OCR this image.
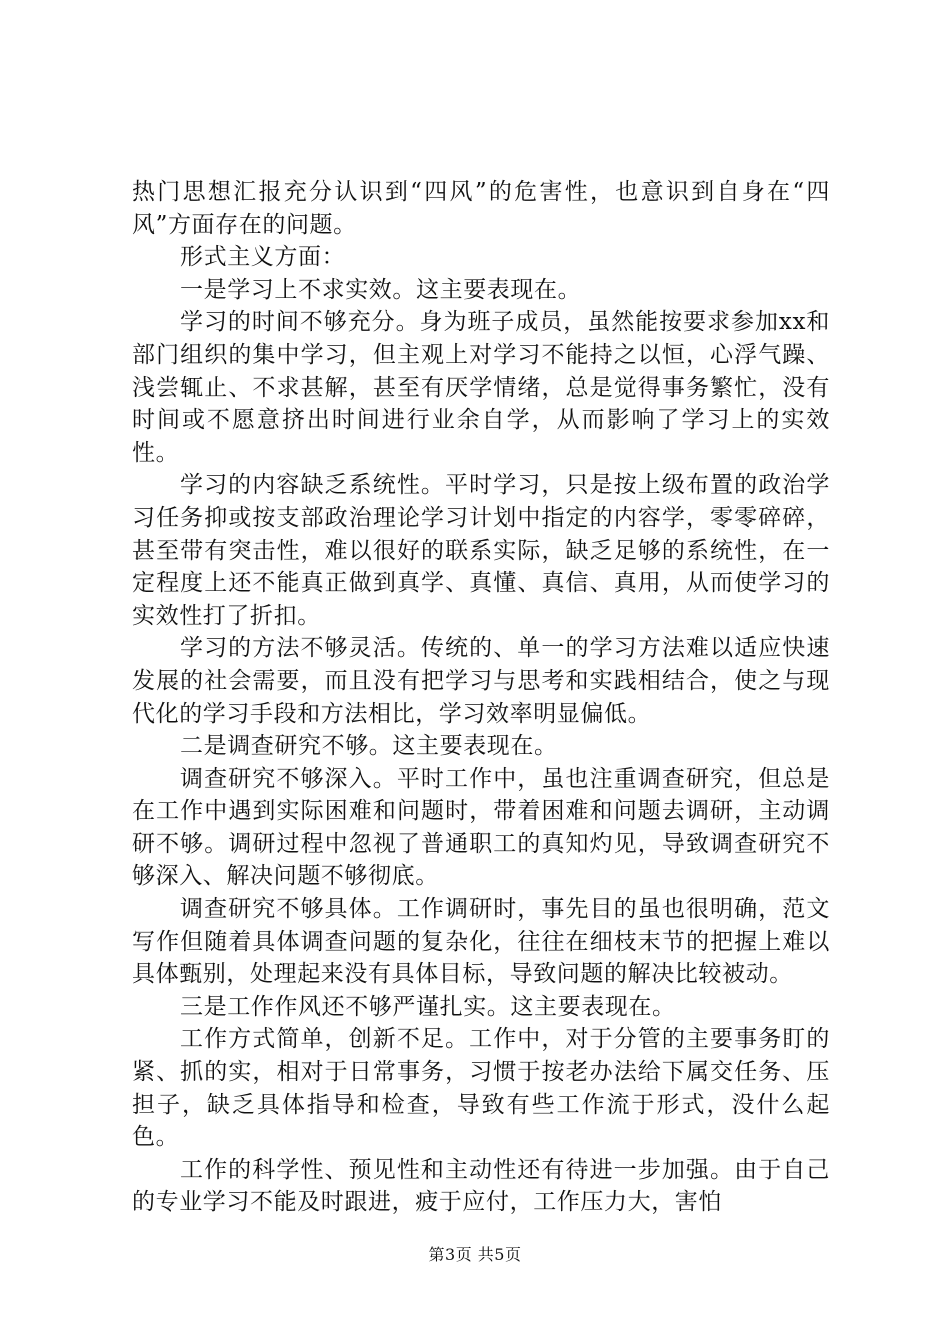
热门思想汇报充分认识到“四风”的危害性，也意识到自身在“四风”方面存在的问题。

形式主义方面：

一是学习上不求实效。这主要表现在。

学习的时间不够充分。身为班子成员，虽然能按要求参加xx和部门组织的集中学习，但主观上对学习不能持之以恒，心浮气躁、浅尝辄止、不求甚解，甚至有厌学情绪，总是觉得事务繁忙，没有时间或不愿意挤出时间进行业余自学，从而影响了学习上的实效性。

学习的内容缺乏系统性。平时学习，只是按上级布置的政治学习任务抑或按支部政治理论学习计划中指定的内容学，零零碎碎，甚至带有突击性，难以很好的联系实际，缺乏足够的系统性，在一定程度上还不能真正做到真学、真懂、真信、真用，从而使学习的实效性打了折扣。

学习的方法不够灵活。传统的、单一的学习方法难以适应快速发展的社会需要，而且没有把学习与思考和实践相结合，使之与现代化的学习手段和方法相比，学习效率明显偏低。

二是调查研究不够。这主要表现在。

调查研究不够深入。平时工作中，虽也注重调查研究，但总是在工作中遇到实际困难和问题时，带着困难和问题去调研，主动调研不够。调研过程中忽视了普通职工的真知灼见，导致调查研究不够深入、解决问题不够彻底。

调查研究不够具体。工作调研时，事先目的虽也很明确，范文写作但随着具体调查问题的复杂化，往往在细枝末节的把握上难以具体甄别，处理起来没有具体目标，导致问题的解决比较被动。

三是工作作风还不够严谨扎实。这主要表现在。

工作方式简单，创新不足。工作中，对于分管的主要事务盯的紧、抓的实，相对于日常事务，习惯于按老办法给下属交任务、压担子，缺乏具体指导和检查，导致有些工作流于形式，没什么起色。

工作的科学性、预见性和主动性还有待进一步加强。由于自己的专业学习不能及时跟进，疲于应付，工作压力大，害怕

第3页 共5页
